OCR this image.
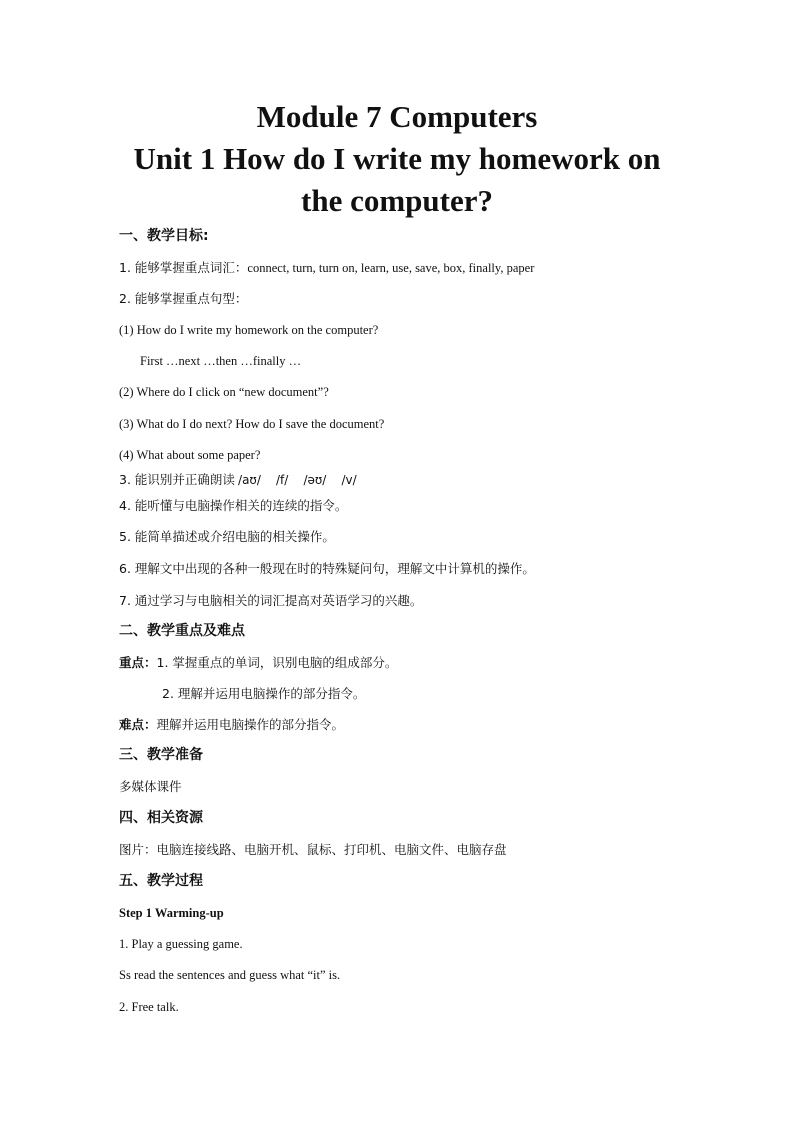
Module 7 Computers
Unit 1 How do I write my homework on
the computer?
一、教学目标:
1. 能够掌握重点词汇：connect, turn, turn on, learn, use, save, box, finally, paper
2. 能够掌握重点句型：
(1) How do I write my homework on the computer?
First …next …then …finally …
(2) Where do I click on “new document”?
(3) What do I do next? How do I save the document?
(4) What about some paper?
3. 能识别并正确朗读 /aʊ/ /f/ /əʊ/ /v/
4. 能听懂与电脑操作相关的连续的指令。
5. 能简单描述或介绍电脑的相关操作。
6. 理解文中出现的各种一般现在时的特殊疑问句，理解文中计算机的操作。
7. 通过学习与电脑相关的词汇提高对英语学习的兴趣。
二、教学重点及难点
重点：1. 掌握重点的单词，识别电脑的组成部分。
2. 理解并运用电脑操作的部分指令。
难点：理解并运用电脑操作的部分指令。
三、教学准备
多媒体课件
四、相关资源
图片：电脑连接线路、电脑开机、鼠标、打印机、电脑文件、电脑存盘
五、教学过程
Step 1 Warming-up
1. Play a guessing game.
Ss read the sentences and guess what “it” is.
2. Free talk.
